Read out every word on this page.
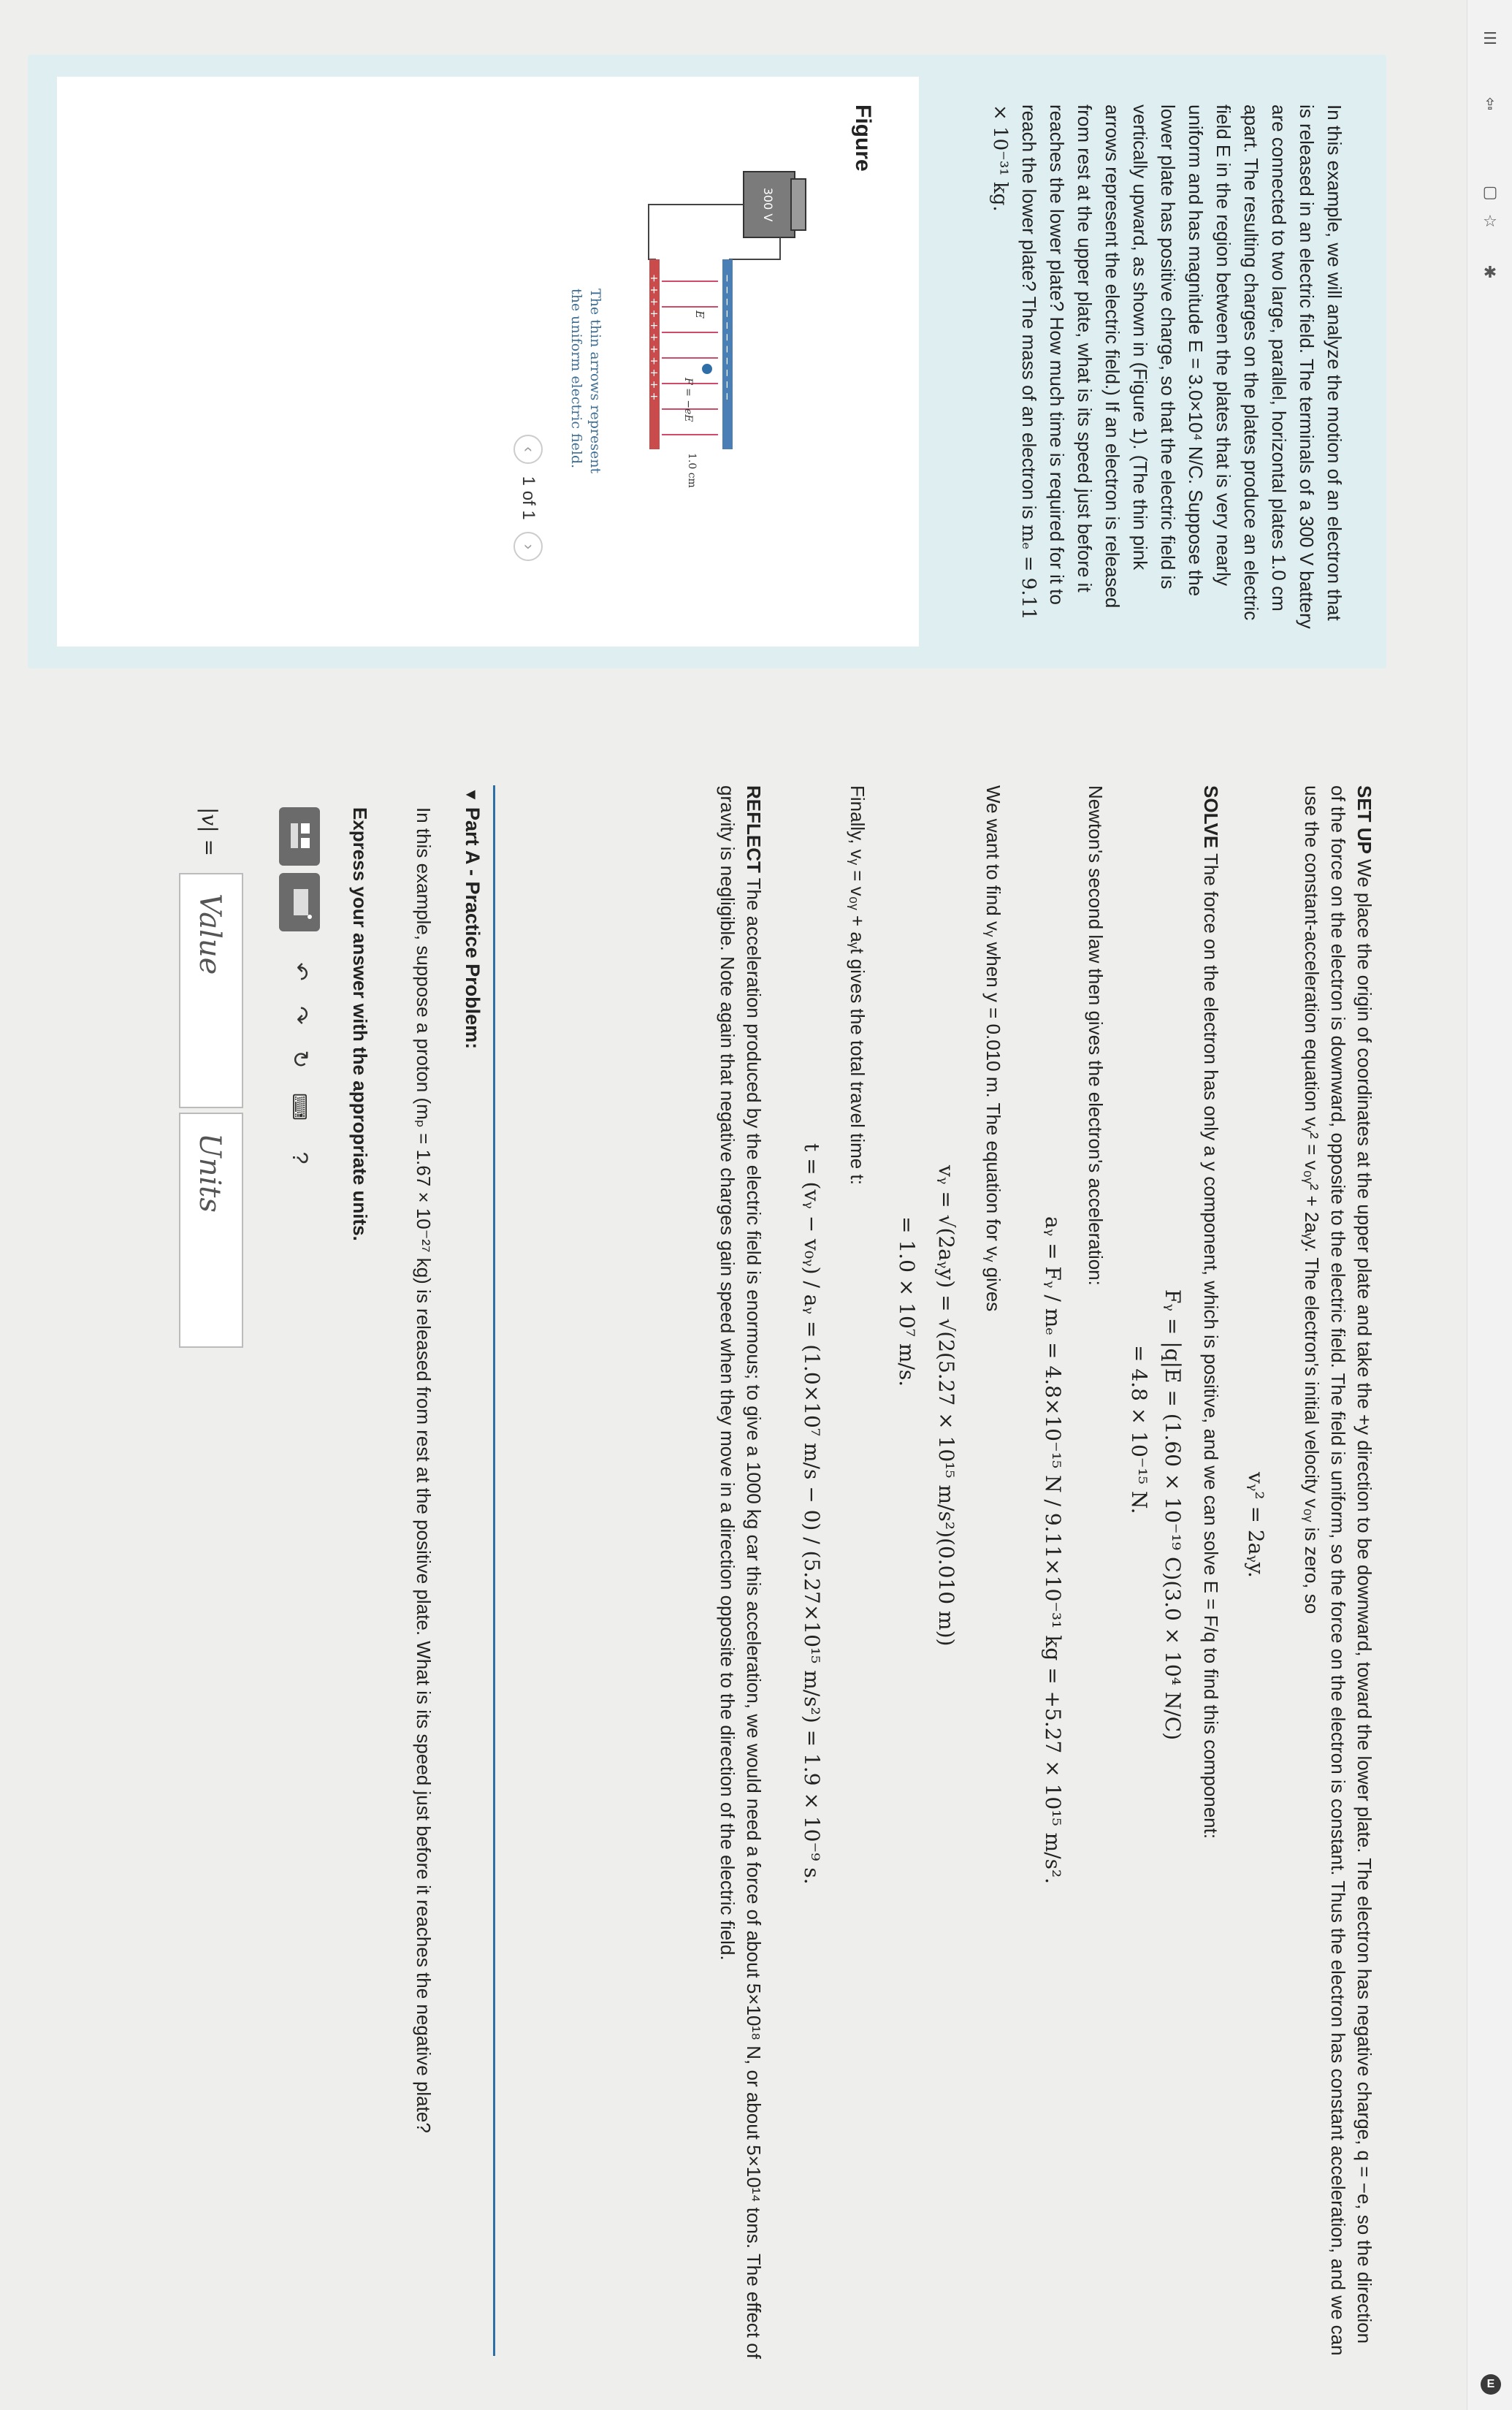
☰
⇪
▢
☆
✱
E
In this example, we will analyze the motion of an electron that is released in an electric field. The terminals of a 300 V battery are connected to two large, parallel, horizontal plates 1.0 cm apart. The resulting charges on the plates produce an electric field E in the region between the plates that is very nearly uniform and has magnitude E = 3.0×10⁴ N/C. Suppose the lower plate has positive charge, so that the electric field is vertically upward, as shown in (Figure 1). (The thin pink arrows represent the electric field.) If an electron is released from rest at the upper plate, what is its speed just before it reaches the lower plate? How much time is required for it to reach the lower plate? The mass of an electron is mₑ = 9.11 × 10⁻³¹ kg.
Figure
300 V
− − − − − − − − − − −
+ + + + + + + + + + +	E
F = −eE
1.0 cm
The thin arrows represent
the uniform electric field.
‹ 1 of 1 ›
SET UP We place the origin of coordinates at the upper plate and take the +y direction to be downward, toward the lower plate. The electron has negative charge, q = −e, so the direction of the force on the electron is downward, opposite to the electric field. The field is uniform, so the force on the electron is constant. Thus the electron has constant acceleration, and we can use the constant-acceleration equation vᵧ² = v₀ᵧ² + 2aᵧy. The electron's initial velocity v₀ᵧ is zero, so
vᵧ² = 2aᵧy.
SOLVE The force on the electron has only a y component, which is positive, and we can solve E = F/q to find this component:
Fᵧ = |q|E = (1.60 × 10⁻¹⁹ C)(3.0 × 10⁴ N/C)
= 4.8 × 10⁻¹⁵ N.
Newton's second law then gives the electron's acceleration:
aᵧ = Fᵧ / mₑ = 4.8×10⁻¹⁵ N / 9.11×10⁻³¹ kg = +5.27 × 10¹⁵ m/s².
We want to find vᵧ when y = 0.010 m. The equation for vᵧ gives
vᵧ = √(2aᵧy) = √(2(5.27 × 10¹⁵ m/s²)(0.010 m))
= 1.0 × 10⁷ m/s.
Finally, vᵧ = v₀ᵧ + aᵧt gives the total travel time t:
t = (vᵧ − v₀ᵧ) / aᵧ = (1.0×10⁷ m/s − 0) / (5.27×10¹⁵ m/s²) = 1.9 × 10⁻⁹ s.
REFLECT The acceleration produced by the electric field is enormous; to give a 1000 kg car this acceleration, we would need a force of about 5×10¹⁸ N, or about 5×10¹⁴ tons. The effect of gravity is negligible. Note again that negative charges gain speed when they move in a direction opposite to the direction of the electric field.
▼
Part A - Practice Problem:
In this example, suppose a proton (mₚ = 1.67 × 10⁻²⁷ kg) is released from rest at the positive plate. What is its speed just before it reaches the negative plate?
Express your answer with the appropriate units.
↶
↷
↻
⌨
?
|v| =
Value
Units
